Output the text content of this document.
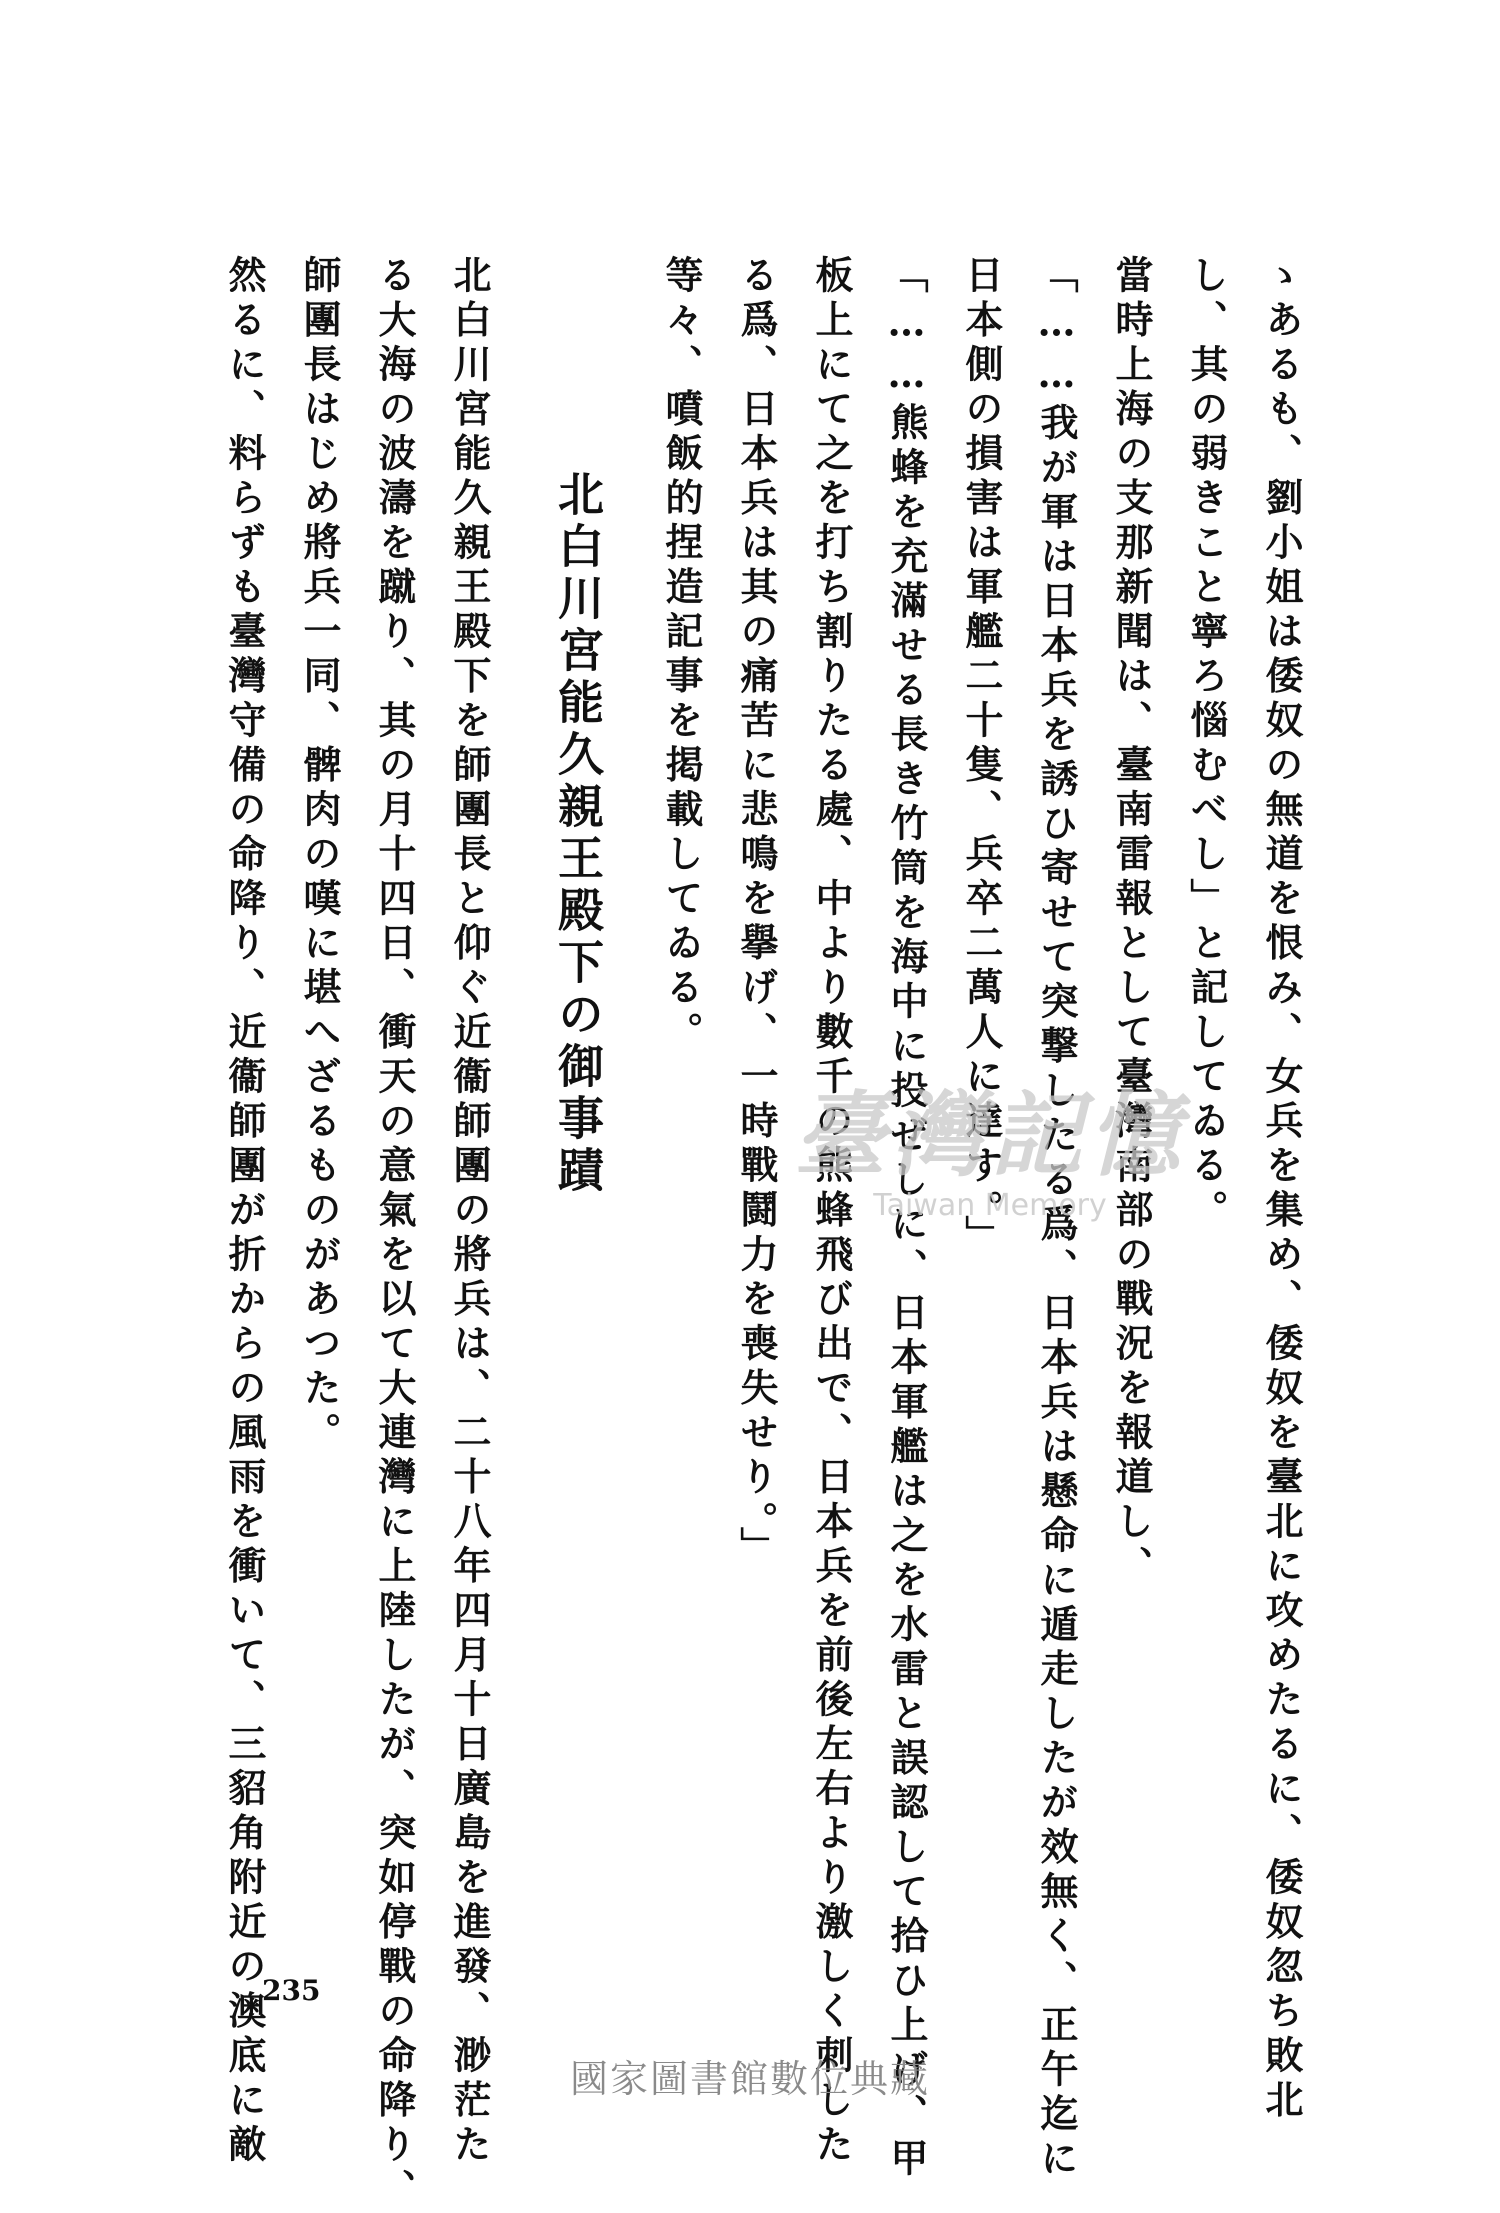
ゝあるも、劉小姐は倭奴の無道を恨み、女兵を集め、倭奴を臺北に攻めたるに、倭奴忽ち敗北
し、其の弱きこと寧ろ惱むべし」と記してゐる。
當時上海の支那新聞は、臺南雷報として臺灣南部の戰況を報道し、
「……我が軍は日本兵を誘ひ寄せて突撃したる爲、日本兵は懸命に遁走したが效無く、正午迄に
日本側の損害は軍艦二十隻、兵卒二萬人に達す。」
「……熊蜂を充滿せる長き竹筒を海中に投ぜしに、日本軍艦は之を水雷と誤認して拾ひ上げ、甲
板上にて之を打ち割りたる處、中より數千の熊蜂飛び出で、日本兵を前後左右より激しく刺した
る爲、日本兵は其の痛苦に悲鳴を擧げ、一時戰鬪力を喪失せり。」
等々、噴飯的捏造記事を掲載してゐる。
北白川宮能久親王殿下の御事蹟
北白川宮能久親王殿下を師團長と仰ぐ近衞師團の將兵は、二十八年四月十日廣島を進發、渺茫た
る大海の波濤を蹴り、其の月十四日、衝天の意氣を以て大連灣に上陸したが、突如停戰の命降り、
師團長はじめ將兵一同、髀肉の嘆に堪へざるものがあつた。
然るに、料らずも臺灣守備の命降り、近衞師團が折からの風雨を衝いて、三貂角附近の澳底に敵
235
臺灣記憶
Taiwan Memory
國家圖書館數位典藏
